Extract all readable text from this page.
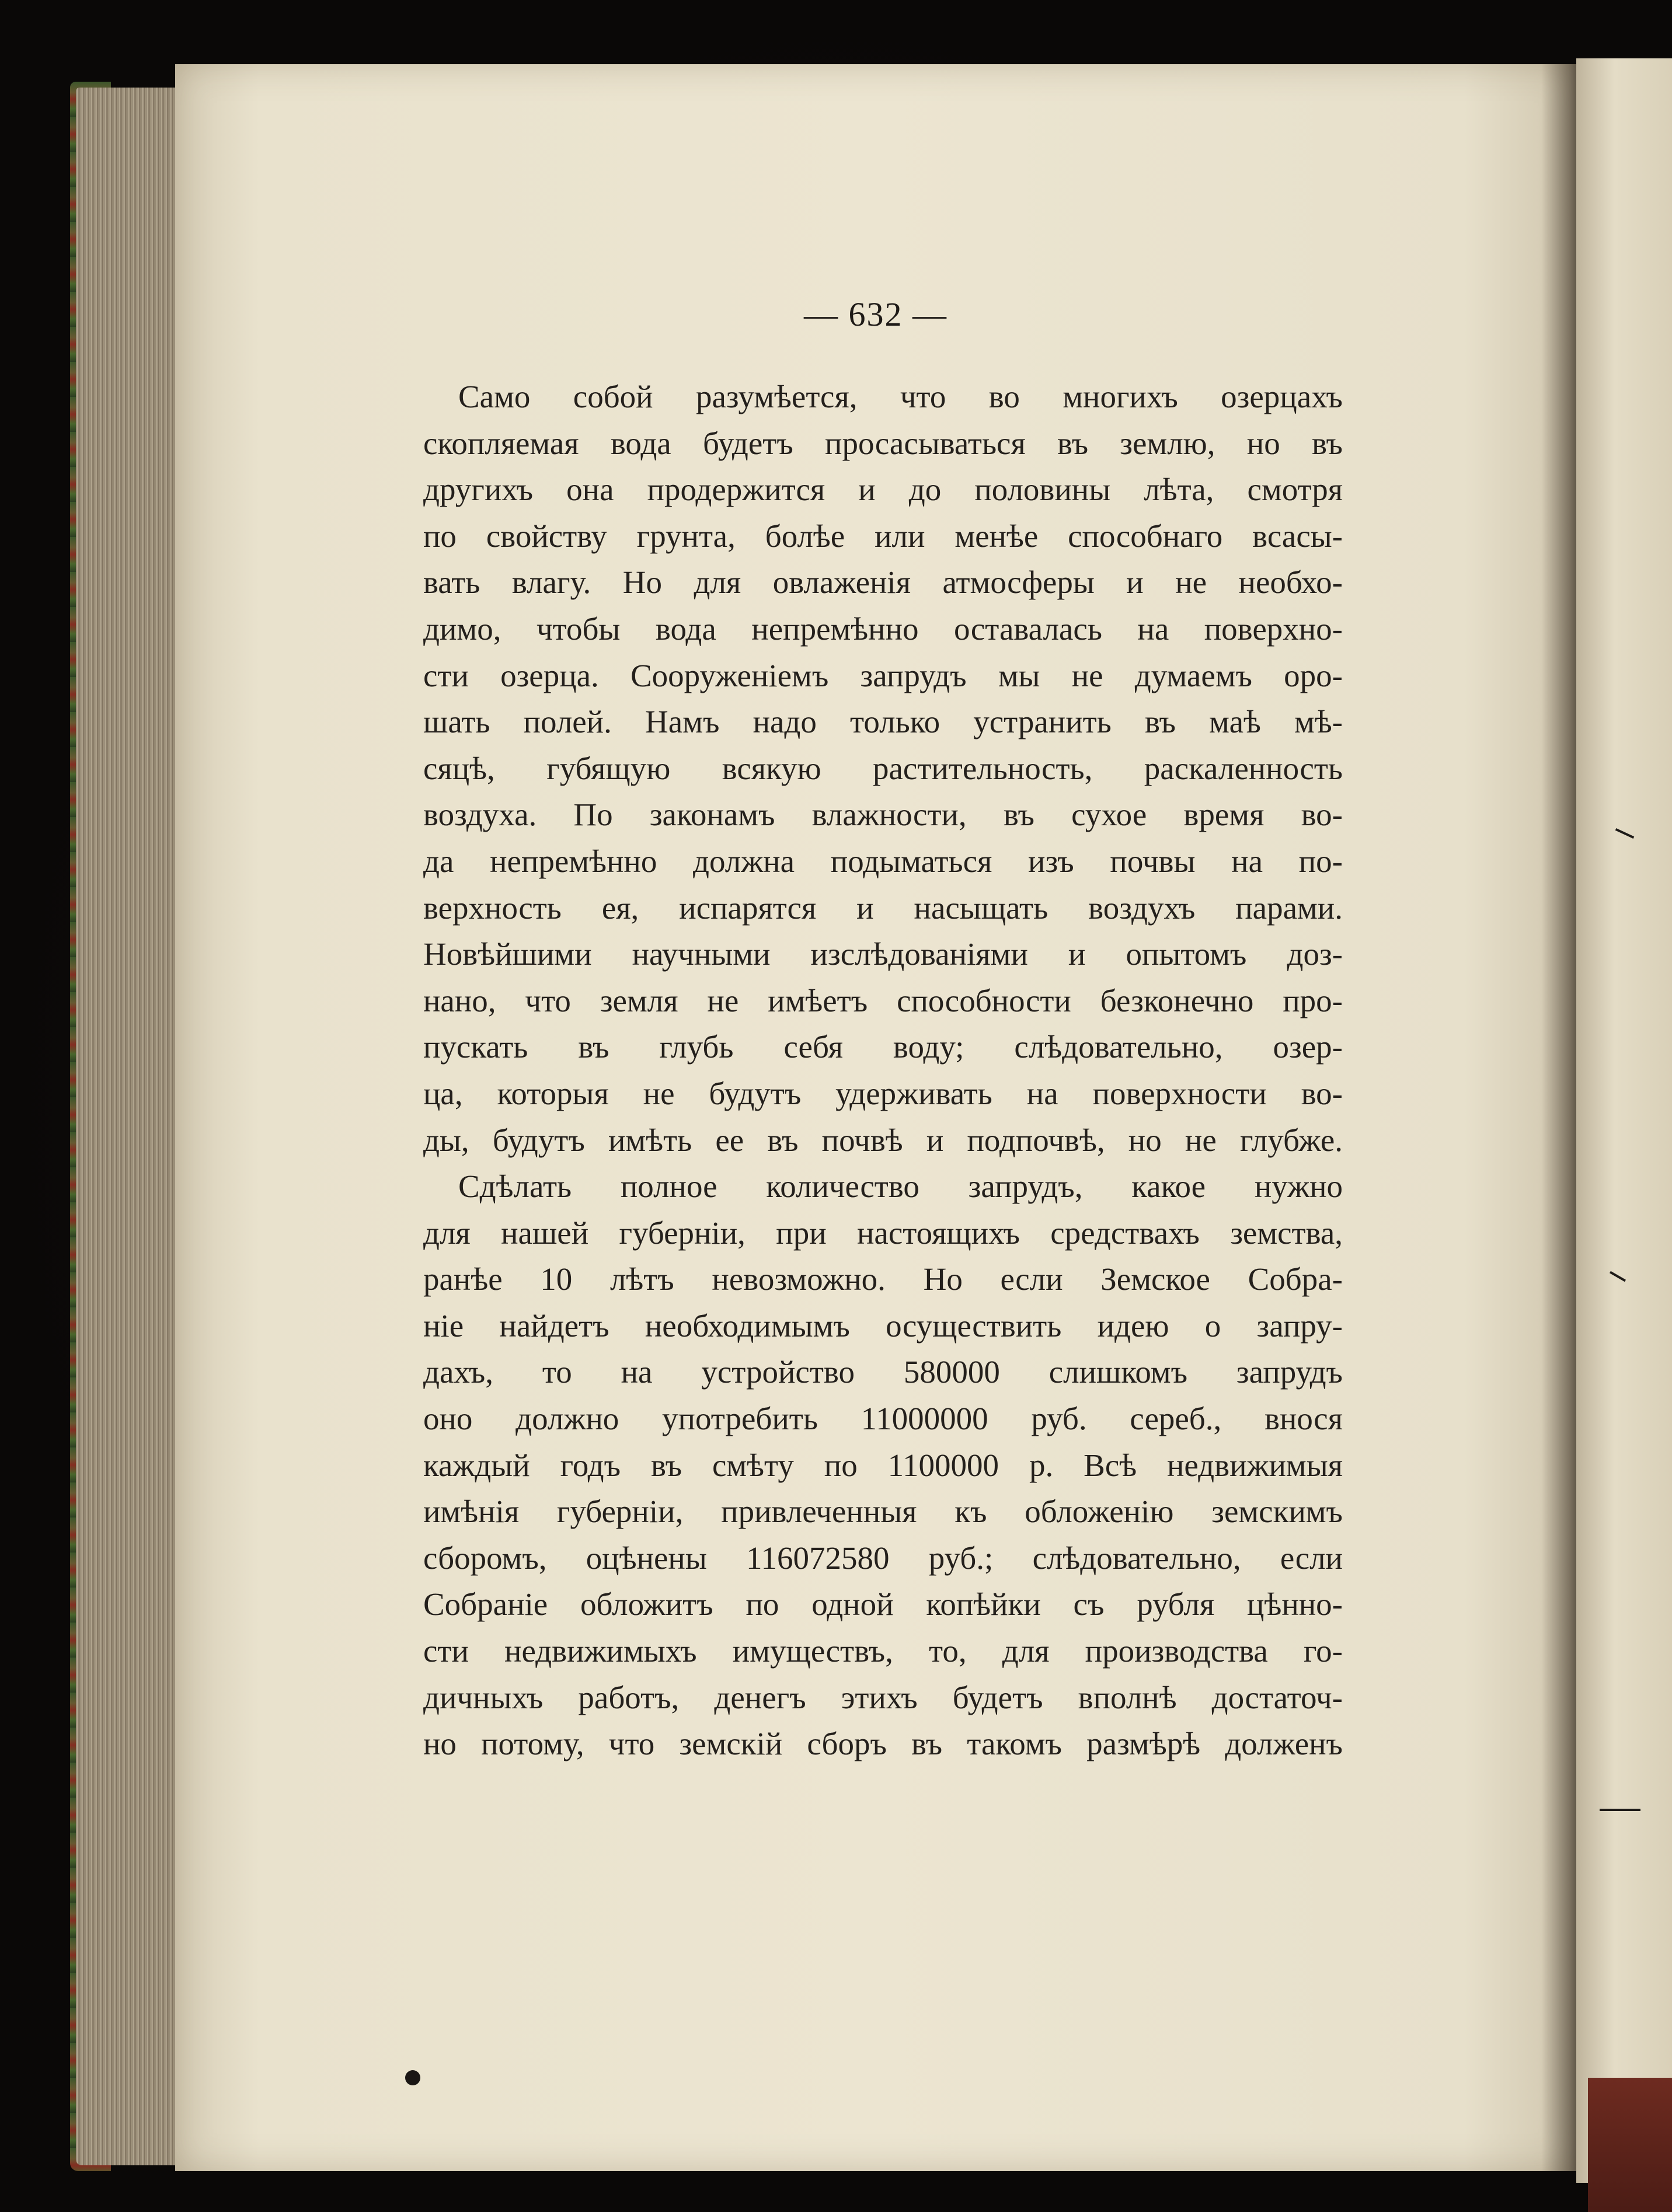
— 632 —
Само собой разумѣется, что во многихъ озерцахъ
скопляемая вода будетъ просасываться въ землю, но въ
другихъ она продержится и до половины лѣта, смотря
по свойству грунта, болѣе или менѣе способнаго всасы-
вать влагу. Но для овлаженія атмосферы и не необхо-
димо, чтобы вода непремѣнно оставалась на поверхно-
сти озерца. Сооруженіемъ запрудъ мы не думаемъ оро-
шать полей. Намъ надо только устранить въ маѣ мѣ-
сяцѣ, губящую всякую растительность, раскаленность
воздуха. По законамъ влажности, въ сухое время во-
да непремѣнно должна подыматься изъ почвы на по-
верхность ея, испарятся и насыщать воздухъ парами.
Новѣйшими научными изслѣдованіями и опытомъ доз-
нано, что земля не имѣетъ способности безконечно про-
пускать въ глубь себя воду; слѣдовательно, озер-
ца, которыя не будутъ удерживать на поверхности во-
ды, будутъ имѣть ее въ почвѣ и подпочвѣ, но не глубже.
Сдѣлать полное количество запрудъ, какое нужно
для нашей губерніи, при настоящихъ средствахъ земства,
ранѣе 10 лѣтъ невозможно. Но если Земское Собра-
ніе найдетъ необходимымъ осуществить идею о запру-
дахъ, то на устройство 580000 слишкомъ запрудъ
оно должно употребить 11000000 руб. сереб., внося
каждый годъ въ смѣту по 1100000 р. Всѣ недвижимыя
имѣнія губерніи, привлеченныя къ обложенію земскимъ
сборомъ, оцѣнены 116072580 руб.; слѣдовательно, если
Собраніе обложитъ по одной копѣйки съ рубля цѣнно-
сти недвижимыхъ имуществъ, то, для производства го-
дичныхъ работъ, денегъ этихъ будетъ вполнѣ достаточ-
но потому, что земскій сборъ въ такомъ размѣрѣ долженъ
